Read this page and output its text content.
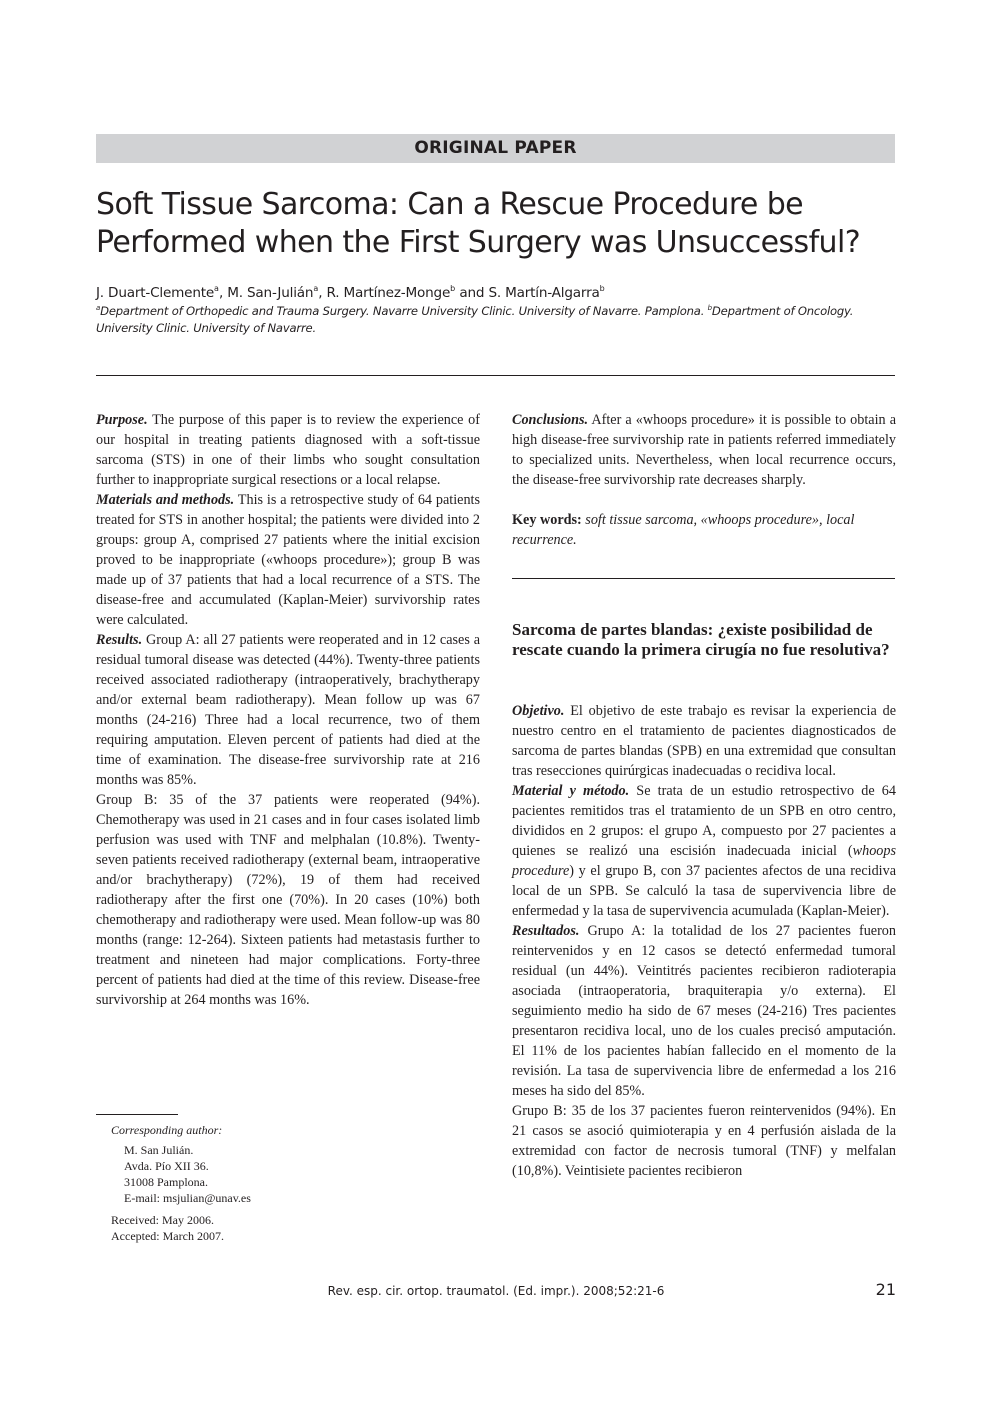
ORIGINAL PAPER
Soft Tissue Sarcoma: Can a Rescue Procedure be
Performed when the First Surgery was Unsuccessful?
J. Duart-Clemente$^a$, M. San-Julián$^a$, R. Martínez-Monge$^b$ and S. Martín-Algarra$^b$
$^a$Department of Orthopedic and Trauma Surgery. Navarre University Clinic. University of Navarre. Pamplona. $^b$Department of Oncology.
University Clinic. University of Navarre.

Purpose. The purpose of this paper is to review the experience of our hospital in treating patients diagnosed with a soft-tissue sarcoma (STS) in one of their limbs who sought consultation further to inappropriate surgical resections or a local relapse.

Materials and methods. This is a retrospective study of 64 patients treated for STS in another hospital; the patients were divided into 2 groups: group A, comprised 27 patients where the initial excision proved to be inappropriate («whoops procedure»); group B was made up of 37 patients that had a local recurrence of a STS. The disease-free and accumulated (Kaplan-Meier) survivorship rates were calculated.

Results. Group A: all 27 patients were reoperated and in 12 cases a residual tumoral disease was detected (44%). Twenty-three patients received associated radiotherapy (intraoperatively, brachytherapy and/or external beam radiotherapy). Mean follow up was 67 months (24-216) Three had a local recurrence, two of them requiring amputation. Eleven percent of patients had died at the time of examination. The disease-free survivorship rate at 216 months was 85%.

Group B: 35 of the 37 patients were reoperated (94%). Chemotherapy was used in 21 cases and in four cases isolated limb perfusion was used with TNF and melphalan (10.8%). Twenty-seven patients received radiotherapy (external beam, intraoperative and/or brachytherapy) (72%), 19 of them had received radiotherapy after the first one (70%). In 20 cases (10%) both chemotherapy and radiotherapy were used. Mean follow-up was 80 months (range: 12-264). Sixteen patients had metastasis further to treatment and nineteen had major complications. Forty-three percent of patients had died at the time of this review. Disease-free survivorship at 264 months was 16%.

Conclusions. After a «whoops procedure» it is possible to obtain a high disease-free survivorship rate in patients referred immediately to specialized units. Nevertheless, when local recurrence occurs, the disease-free survivorship rate decreases sharply.

Key words: soft tissue sarcoma, «whoops procedure», local recurrence.

Sarcoma de partes blandas: ¿existe posibilidad de rescate cuando la primera cirugía no fue resolutiva?

Objetivo. El objetivo de este trabajo es revisar la experiencia de nuestro centro en el tratamiento de pacientes diagnosticados de sarcoma de partes blandas (SPB) en una extremidad que consultan tras resecciones quirúrgicas inadecuadas o recidiva local.

Material y método. Se trata de un estudio retrospectivo de 64 pacientes remitidos tras el tratamiento de un SPB en otro centro, divididos en 2 grupos: el grupo A, compuesto por 27 pacientes a quienes se realizó una escisión inadecuada inicial (whoops procedure) y el grupo B, con 37 pacientes afectos de una recidiva local de un SPB. Se calculó la tasa de supervivencia libre de enfermedad y la tasa de supervivencia acumulada (Kaplan-Meier).

Resultados. Grupo A: la totalidad de los 27 pacientes fueron reintervenidos y en 12 casos se detectó enfermedad tumoral residual (un 44%). Veintitrés pacientes recibieron radioterapia asociada (intraoperatoria, braquiterapia y/o externa). El seguimiento medio ha sido de 67 meses (24-216) Tres pacientes presentaron recidiva local, uno de los cuales precisó amputación. El 11% de los pacientes habían fallecido en el momento de la revisión. La tasa de supervivencia libre de enfermedad a los 216 meses ha sido del 85%.

Grupo B: 35 de los 37 pacientes fueron reintervenidos (94%). En 21 casos se asoció quimioterapia y en 4 perfusión aislada de la extremidad con factor de necrosis tumoral (TNF) y melfalan (10,8%). Veintisiete pacientes recibieron

Corresponding author:
M. San Julián.
Avda. Pío XII 36.
31008 Pamplona.
E-mail: msjulian@unav.es
Received: May 2006.
Accepted: March 2007.
Rev. esp. cir. ortop. traumatol. (Ed. impr.). 2008;52:21-6	21
